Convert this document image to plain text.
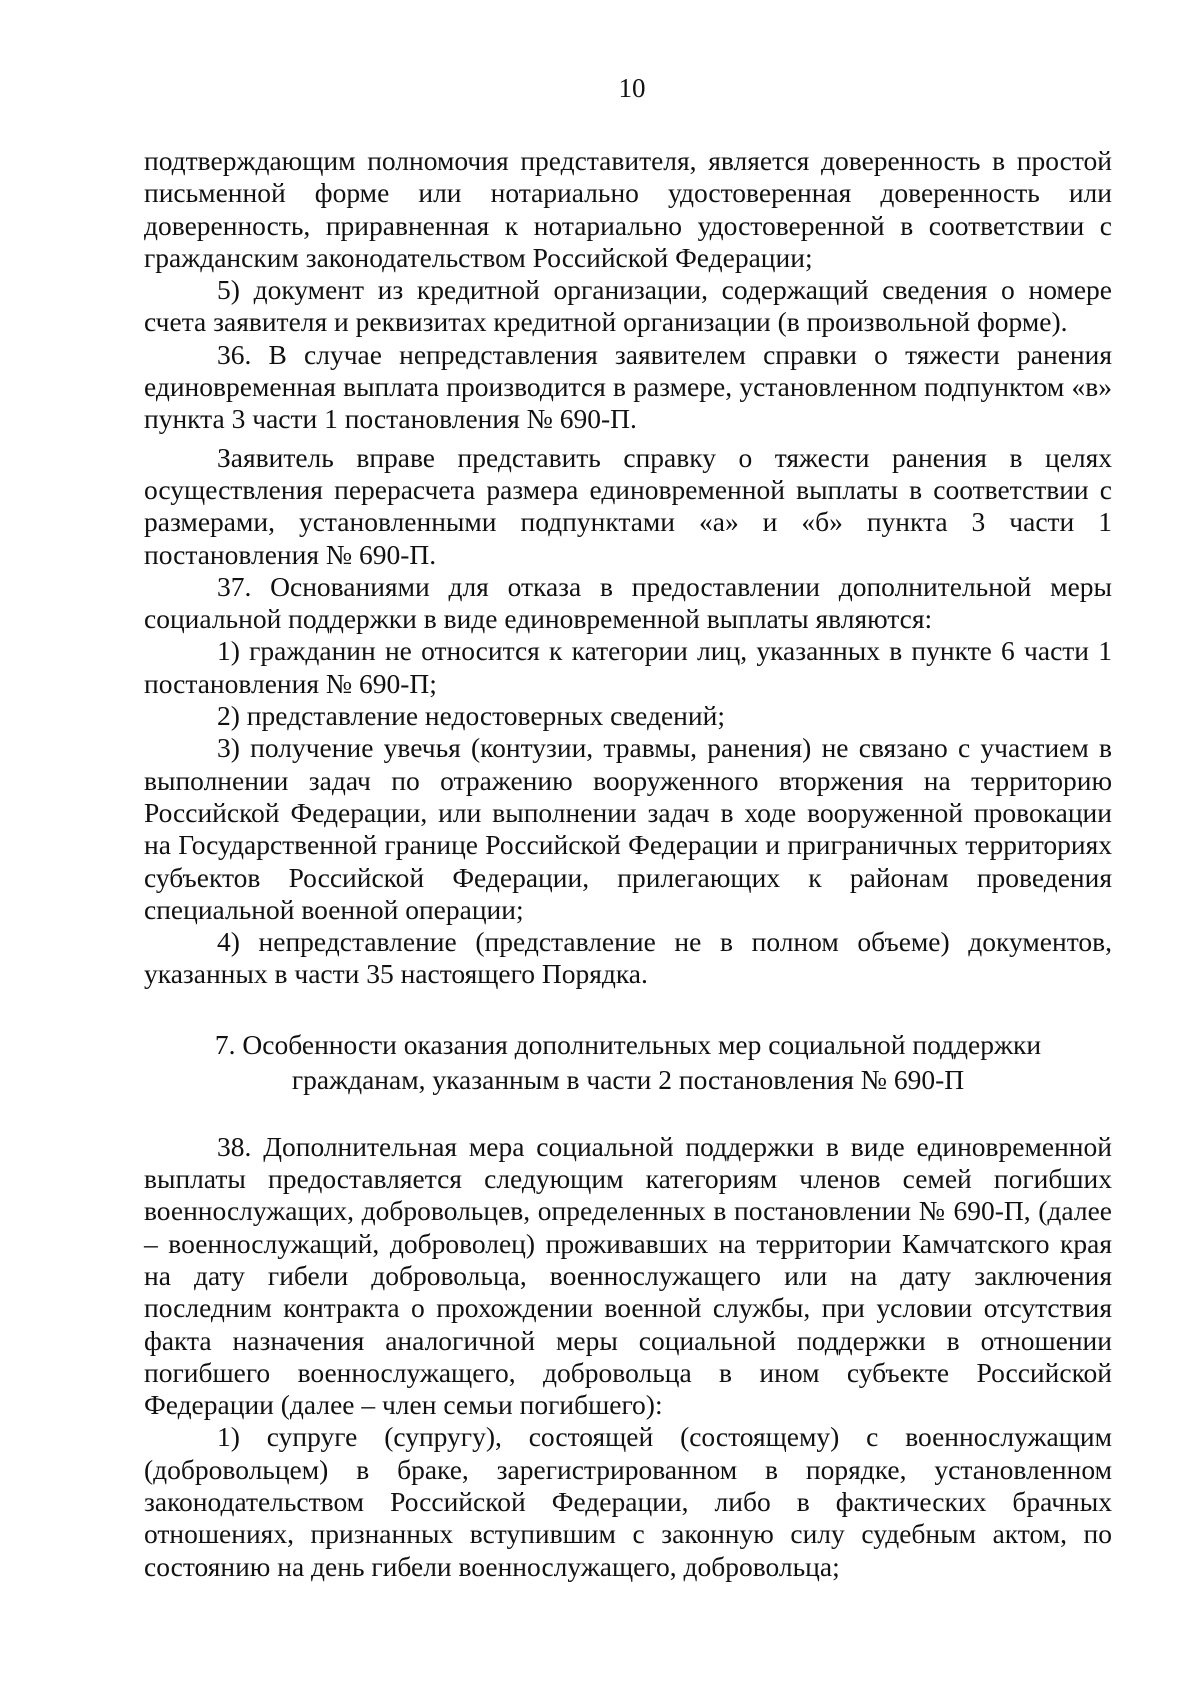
10

подтверждающим полномочия представителя, является доверенность в простой письменной форме или нотариально удостоверенная доверенность или доверенность, приравненная к нотариально удостоверенной в соответствии с гражданским законодательством Российской Федерации;

5) документ из кредитной организации, содержащий сведения о номере счета заявителя и реквизитах кредитной организации (в произвольной форме).

36. В случае непредставления заявителем справки о тяжести ранения единовременная выплата производится в размере, установленном подпунктом «в» пункта 3 части 1 постановления № 690-П.

Заявитель вправе представить справку о тяжести ранения в целях осуществления перерасчета размера единовременной выплаты в соответствии с размерами, установленными подпунктами «а» и «б» пункта 3 части 1 постановления № 690-П.

37. Основаниями для отказа в предоставлении дополнительной меры социальной поддержки в виде единовременной выплаты являются:

1) гражданин не относится к категории лиц, указанных в пункте 6 части 1 постановления № 690-П;

2) представление недостоверных сведений;

3) получение увечья (контузии, травмы, ранения) не связано с участием в выполнении задач по отражению вооруженного вторжения на территорию Российской Федерации, или выполнении задач в ходе вооруженной провокации на Государственной границе Российской Федерации и приграничных территориях субъектов Российской Федерации, прилегающих к районам проведения специальной военной операции;

4) непредставление (представление не в полном объеме) документов, указанных в части 35 настоящего Порядка.

7. Особенности оказания дополнительных мер социальной поддержки
гражданам, указанным в части 2 постановления № 690-П

38. Дополнительная мера социальной поддержки в виде единовременной выплаты предоставляется следующим категориям членов семей погибших военнослужащих, добровольцев, определенных в постановлении № 690-П, (далее – военнослужащий, доброволец) проживавших на территории Камчатского края на дату гибели добровольца, военнослужащего или на дату заключения последним контракта о прохождении военной службы, при условии отсутствия факта назначения аналогичной меры социальной поддержки в отношении погибшего военнослужащего, добровольца в ином субъекте Российской Федерации (далее – член семьи погибшего):

1) супруге (супругу), состоящей (состоящему) с военнослужащим (добровольцем) в браке, зарегистрированном в порядке, установленном законодательством Российской Федерации, либо в фактических брачных отношениях, признанных вступившим с законную силу судебным актом, по состоянию на день гибели военнослужащего, добровольца;
